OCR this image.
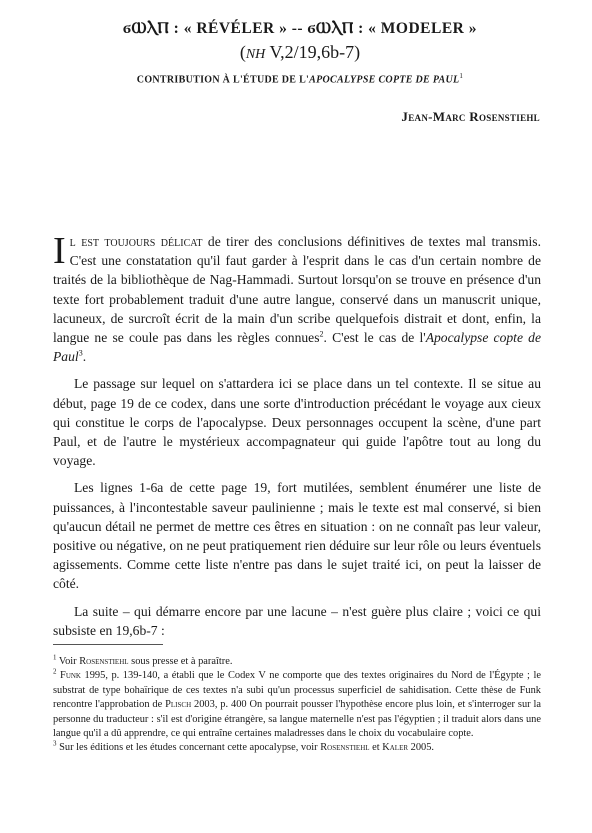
ϭⲰⲖⲠ : « RÉVÉLER » -- ϭⲰⲖⲠ : « MODELER »
(NH V,2/19,6b-7)
CONTRIBUTION À L'ÉTUDE DE L'APOCALYPSE COPTE DE PAUL$^1$
Jean-Marc Rosenstiehl

Il est toujours délicat de tirer des conclusions définitives de textes mal transmis. C'est une constatation qu'il faut garder à l'esprit dans le cas d'un certain nombre de traités de la bibliothèque de Nag-Hammadi. Surtout lorsqu'on se trouve en présence d'un texte fort probablement traduit d'une autre langue, conservé dans un manuscrit unique, lacuneux, de surcroît écrit de la main d'un scribe quelquefois distrait et dont, enfin, la langue ne se coule pas dans les règles connues$^2$. C'est le cas de l'Apocalypse copte de Paul$^3$.

Le passage sur lequel on s'attardera ici se place dans un tel contexte. Il se situe au début, page 19 de ce codex, dans une sorte d'introduction précédant le voyage aux cieux qui constitue le corps de l'apocalypse. Deux personnages occupent la scène, d'une part Paul, et de l'autre le mystérieux accompagnateur qui guide l'apôtre tout au long du voyage.

Les lignes 1-6a de cette page 19, fort mutilées, semblent énumérer une liste de puissances, à l'incontestable saveur paulinienne ; mais le texte est mal conservé, si bien qu'aucun détail ne permet de mettre ces êtres en situation : on ne connaît pas leur valeur, positive ou négative, on ne peut pratiquement rien déduire sur leur rôle ou leurs éventuels agissements. Comme cette liste n'entre pas dans le sujet traité ici, on peut la laisser de côté.

La suite – qui démarre encore par une lacune – n'est guère plus claire ; voici ce qui subsiste en 19,6b-7 :

$^1$ Voir Rosenstiehl sous presse et à paraître.

$^2$ Funk 1995, p. 139-140, a établi que le Codex V ne comporte que des textes originaires du Nord de l'Égypte ; le substrat de type bohaïrique de ces textes n'a subi qu'un processus superficiel de sahidisation. Cette thèse de Funk rencontre l'approbation de Plisch 2003, p. 400 On pourrait pousser l'hypothèse encore plus loin, et s'interroger sur la personne du traducteur : s'il est d'origine étrangère, sa langue maternelle n'est pas l'égyptien ; il traduit alors dans une langue qu'il a dû apprendre, ce qui entraîne certaines maladresses dans le choix du vocabulaire copte.

$^3$ Sur les éditions et les études concernant cette apocalypse, voir Rosenstiehl et Kaler 2005.
